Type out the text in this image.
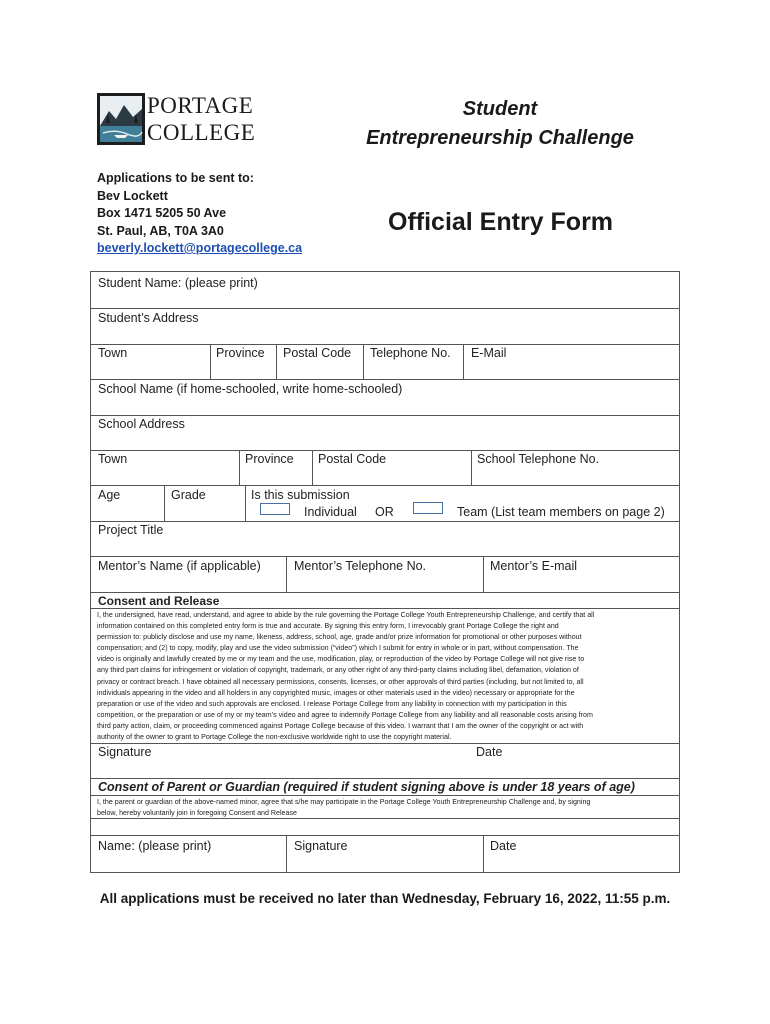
PORTAGE
COLLEGE
Student
Entrepreneurship Challenge
Applications to be sent to:
Bev Lockett
Box 1471 5205 50 Ave
St. Paul, AB, T0A 3A0
beverly.lockett@portagecollege.ca
Official Entry Form
Student Name: (please print)
Student’s Address
Town	Province Postal Code Telephone No. E-Mail
School Name (if home-schooled, write home-schooled)
School Address
Town	Province Postal Code	School Telephone No.
Age	Grade	Is this submission
Individual OR	Team (List team members on page 2)
Project Title
Mentor’s Name (if applicable)	Mentor’s Telephone No.	Mentor’s E-mail
Consent and Release
I, the undersigned, have read, understand, and agree to abide by the rule governing the Portage College Youth Entrepreneurship Challenge, and certify that all
information contained on this completed entry form is true and accurate. By signing this entry form, I irrevocably grant Portage College the right and
permission to: publicly disclose and use my name, likeness, address, school, age, grade and/or prize information for promotional or other purposes without
compensation; and (2) to copy, modify, play and use the video submission (“video”) which I submit for entry in whole or in part, without compensation. The
video is originally and lawfully created by me or my team and the use, modification, play, or reproduction of the video by Portage College will not give rise to
any third part claims for infringement or violation of copyright, trademark, or any other right of any third-party claims including libel, defamation, violation of
privacy or contract breach. I have obtained all necessary permissions, consents, licenses, or other approvals of third parties (including, but not limited to, all
individuals appearing in the video and all holders in any copyrighted music, images or other materials used in the video) necessary or appropriate for the
preparation or use of the video and such approvals are enclosed. I release Portage College from any liability in connection with my participation in this
competition, or the preparation or use of my or my team’s video and agree to indemnify Portage College from any liability and all reasonable costs arising from
third party action, claim, or proceeding commenced against Portage College because of this video. I warrant that I am the owner of the copyright or act with
authority of the owner to grant to Portage College the non-exclusive worldwide right to use the copyright material.
Signature	Date
Consent of Parent or Guardian (required if student signing above is under 18 years of age)
I, the parent or guardian of the above-named minor, agree that s/he may participate in the Portage College Youth Entrepreneurship Challenge and, by signing
below, hereby voluntarily join in foregoing Consent and Release
Name: (please print)	Signature	Date
All applications must be received no later than Wednesday, February 16, 2022, 11:55 p.m.
